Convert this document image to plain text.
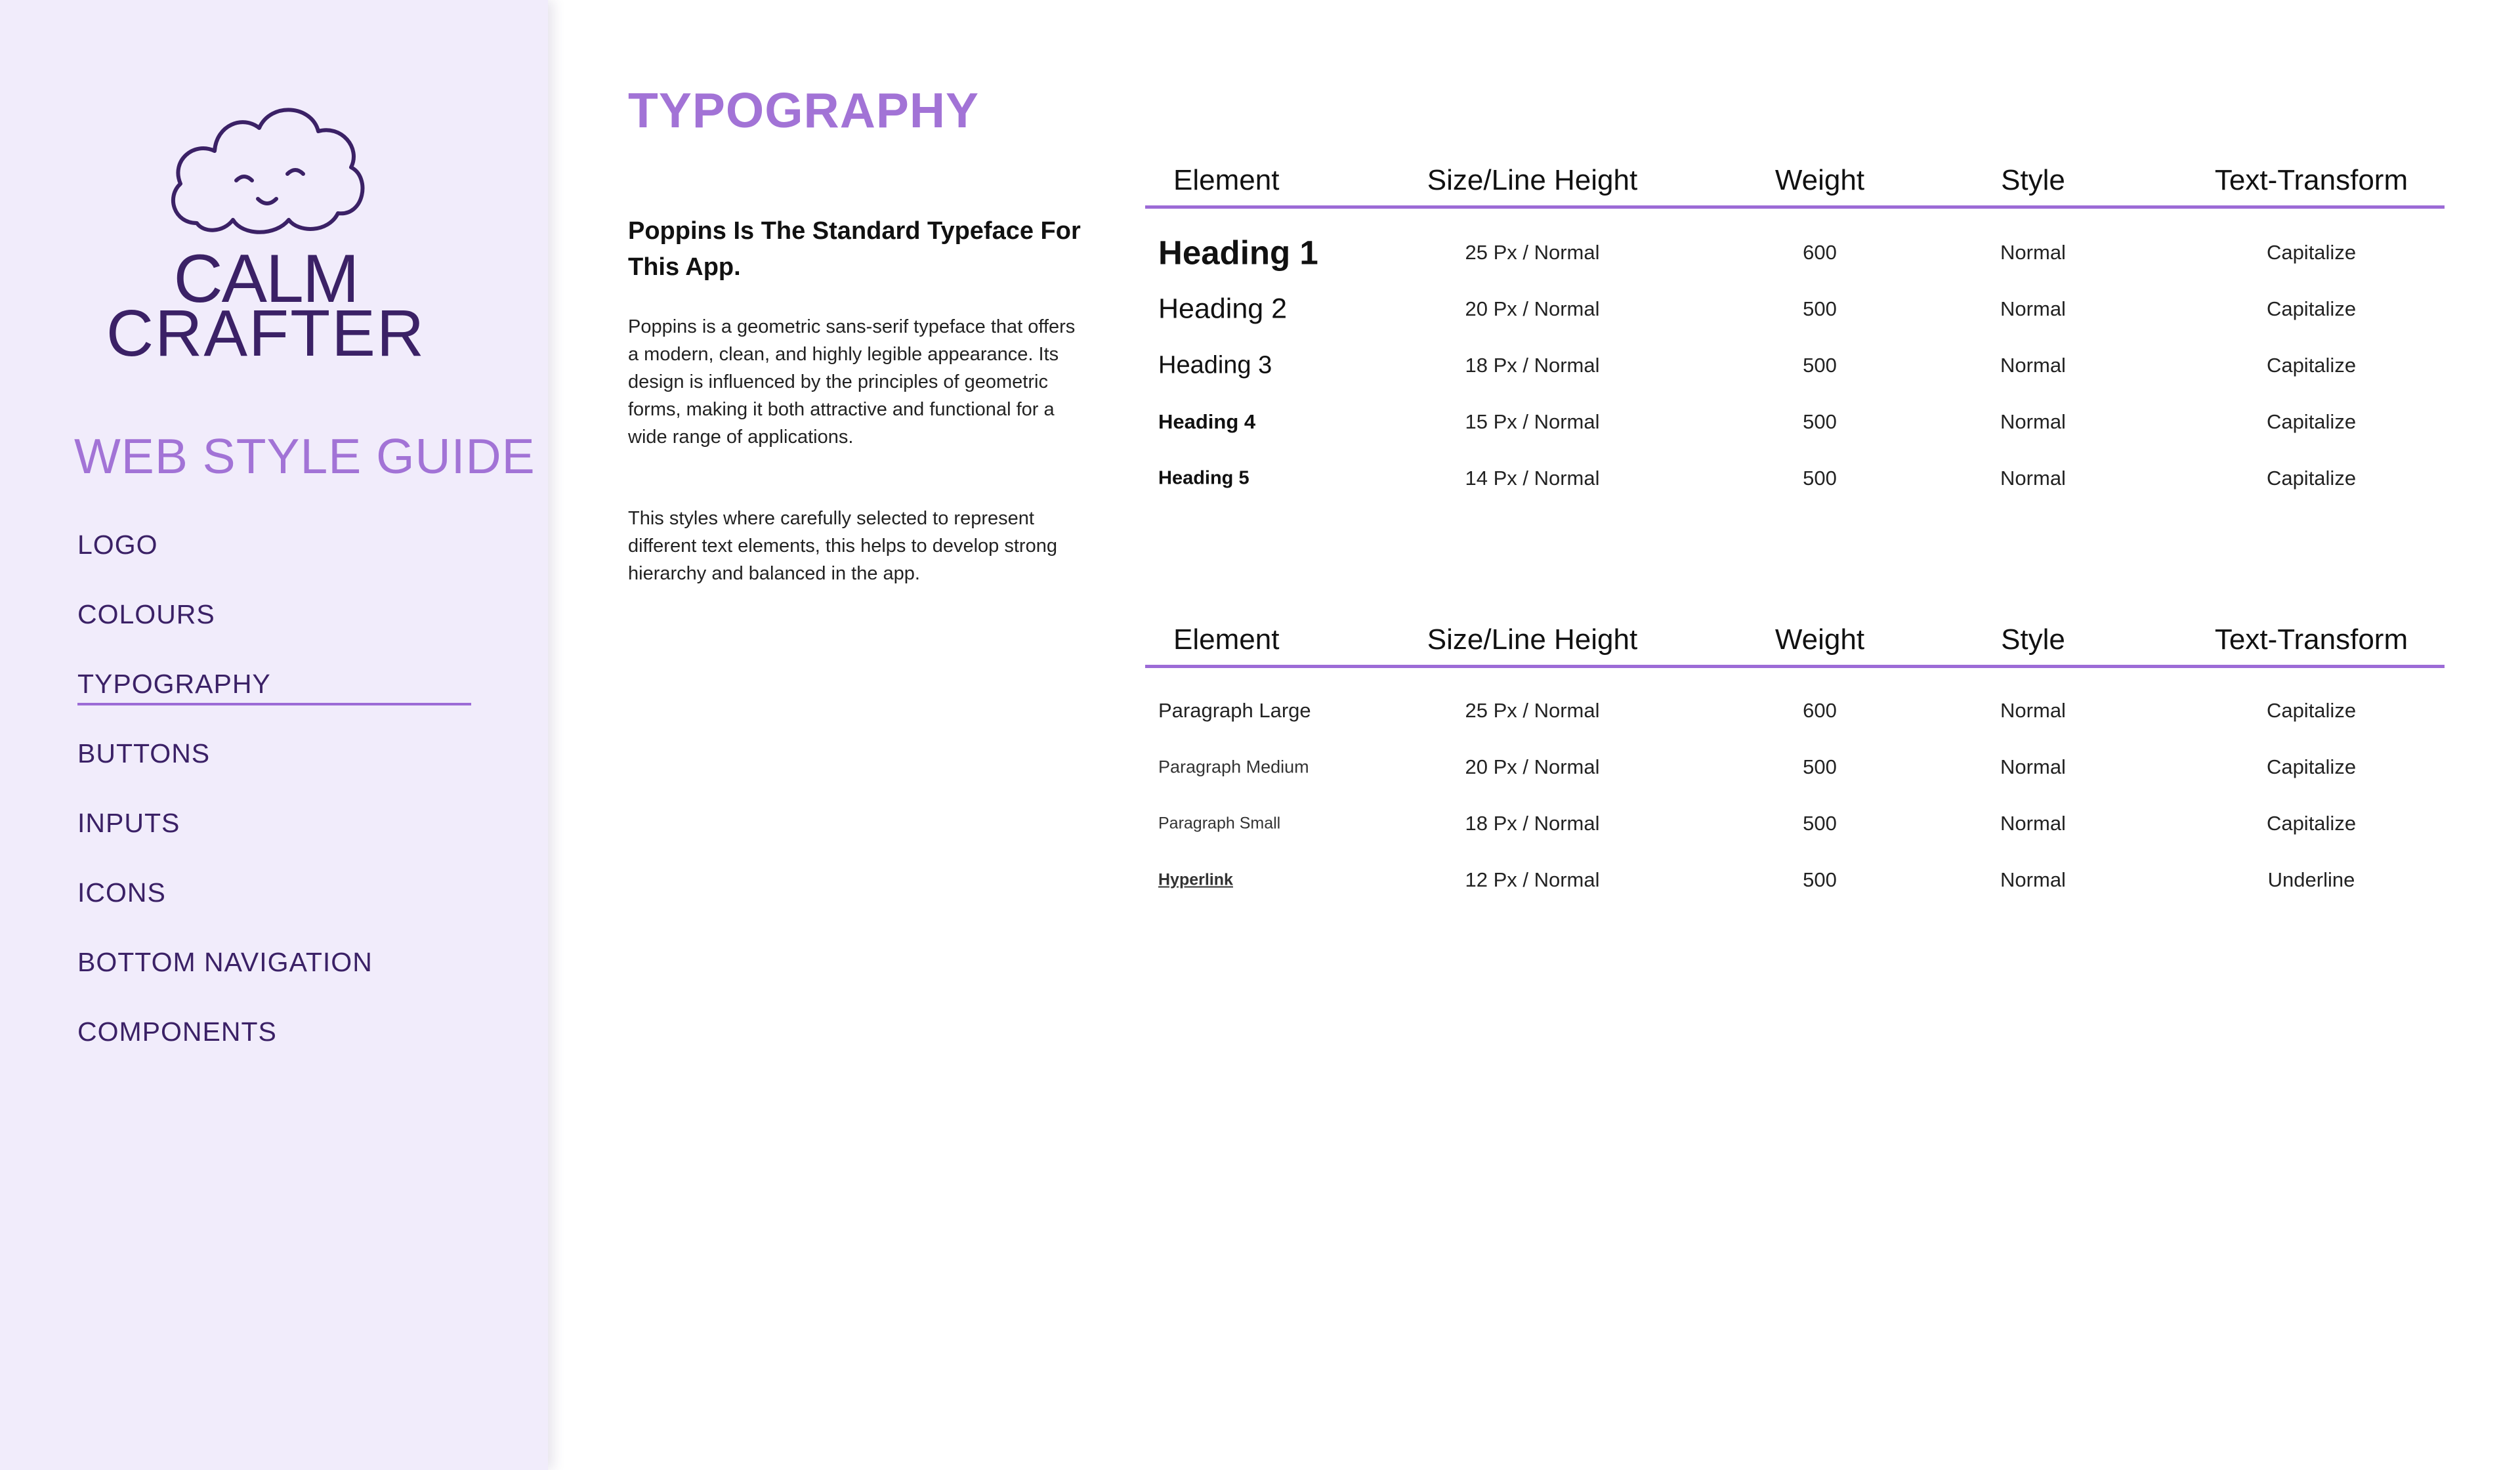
CALM
CRAFTER
WEB STYLE GUIDE
LOGO
COLOURS
TYPOGRAPHY
BUTTONS
INPUTS
ICONS
BOTTOM NAVIGATION
COMPONENTS
TYPOGRAPHY
Poppins Is The Standard Typeface For This App.

Poppins is a geometric sans-serif typeface that offers a modern, clean, and highly legible appearance. Its design is influenced by the principles of geometric forms, making it both attractive and functional for a wide range of applications.

This styles where carefully selected to represent different text elements, this helps to develop strong hierarchy and balanced in the app.

Element	Size/Line Height	Weight	Style	Text-Transform
Heading 1	25 Px / Normal	600	Normal	Capitalize
Heading 2	20 Px / Normal	500	Normal	Capitalize
Heading 3	18 Px / Normal	500	Normal	Capitalize
Heading 4	15 Px / Normal	500	Normal	Capitalize
Heading 5	14 Px / Normal	500	Normal	Capitalize
Element	Size/Line Height	Weight	Style	Text-Transform
Paragraph Large	25 Px / Normal	600	Normal	Capitalize
Paragraph Medium	20 Px / Normal	500	Normal	Capitalize
Paragraph Small	18 Px / Normal	500	Normal	Capitalize
Hyperlink	12 Px / Normal	500	Normal	Underline
